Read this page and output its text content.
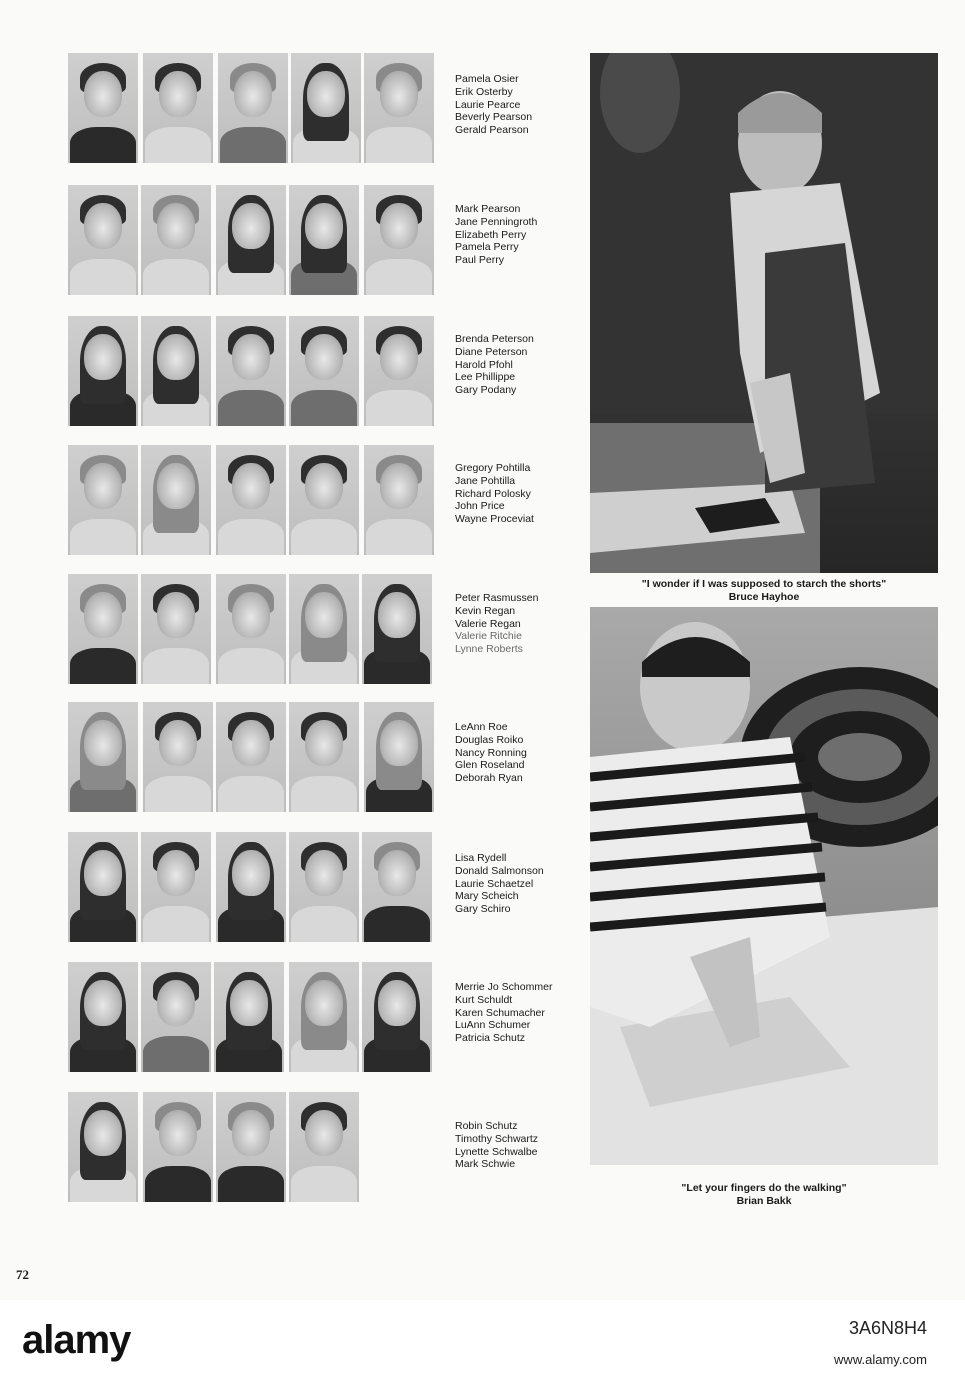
Pamela Osier
Erik Osterby
Laurie Pearce
Beverly Pearson
Gerald Pearson
Mark Pearson
Jane Penningroth
Elizabeth Perry
Pamela Perry
Paul Perry
Brenda Peterson
Diane Peterson
Harold Pfohl
Lee Phillippe
Gary Podany
Gregory Pohtilla
Jane Pohtilla
Richard Polosky
John Price
Wayne Proceviat
Peter Rasmussen
Kevin Regan
Valerie Regan
Valerie Ritchie
Lynne Roberts
LeAnn Roe
Douglas Roiko
Nancy Ronning
Glen Roseland
Deborah Ryan
Lisa Rydell
Donald Salmonson
Laurie Schaetzel
Mary Scheich
Gary Schiro
Merrie Jo Schommer
Kurt Schuldt
Karen Schumacher
LuAnn Schumer
Patricia Schutz
Robin Schutz
Timothy Schwartz
Lynette Schwalbe
Mark Schwie
"I wonder if I was supposed to starch the shorts"
Bruce Hayhoe
"Let your fingers do the walking"
Brian Bakk
72
alamy	3A6N8H4
www.alamy.com
